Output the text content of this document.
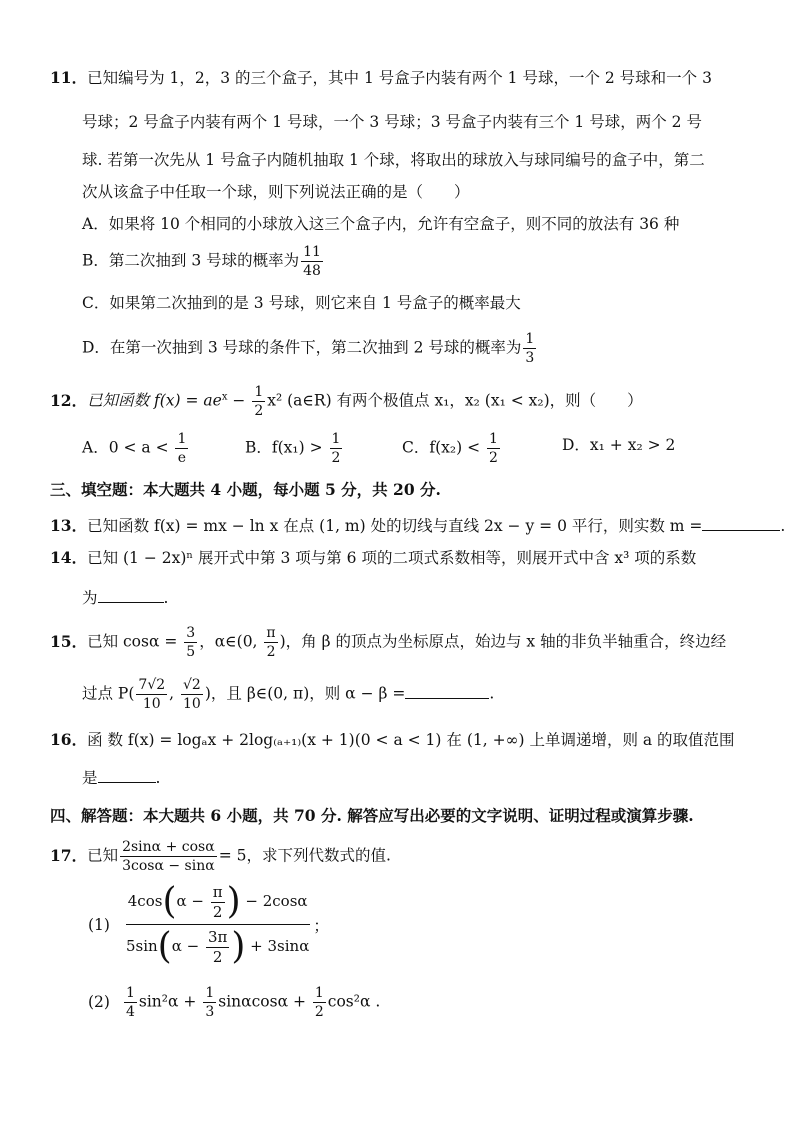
11．已知编号为 1，2，3 的三个盒子，其中 1 号盒子内装有两个 1 号球，一个 2 号球和一个 3
号球；2 号盒子内装有两个 1 号球，一个 3 号球；3 号盒子内装有三个 1 号球，两个 2 号
球. 若第一次先从 1 号盒子内随机抽取 1 个球，将取出的球放入与球同编号的盒子中，第二
次从该盒子中任取一个球，则下列说法正确的是（　　）
A．如果将 10 个相同的小球放入这三个盒子内，允许有空盒子，则不同的放法有 36 种
B．第二次抽到 3 号球的概率为 $\frac{11}{48}$
C．如果第二次抽到的是 3 号球，则它来自 1 号盒子的概率最大
D．在第一次抽到 3 号球的条件下，第二次抽到 2 号球的概率为 $\frac{1}{3}$
12．已知函数 $f(x) = ae^x - \frac{1}{2} x^2$ (a∈R) 有两个极值点 x₁，x₂ (x₁ < x₂)，则（　　）
A．$0 < a < \frac{1}{e}$	B．$f(x_1) > \frac{1}{2}$	C．$f(x_2) < \frac{1}{2}$	D．x₁ + x₂ > 2
三、填空题：本大题共 4 小题，每小题 5 分，共 20 分.
13．已知函数 f(x) = mx − ln x 在点 (1, m) 处的切线与直线 2x − y = 0 平行，则实数 m =	.
14．已知 (1 − 2x)ⁿ 展开式中第 3 项与第 6 项的二项式系数相等，则展开式中含 x³ 项的系数
为	.
15．已知 $\cos\alpha = \frac{3}{5}$ ，α∈(0, $\frac{\pi}{2}$ )，角 β 的顶点为坐标原点，始边与 x 轴的非负半轴重合，终边经
过点 $P( \frac{7√2}{10}$ , $\frac{√2}{10}$ )，且 β∈(0, π)，则 α − β =	.
16．函 数 f(x) = logₐx + 2log₍ₐ₊₁₎(x + 1)(0 < a < 1) 在 (1, +∞) 上单调递增，则 a 的取值范围
是	.
四、解答题：本大题共 6 小题，共 70 分. 解答应写出必要的文字说明、证明过程或演算步骤.
17．已知 $\frac{2\sin\alpha + \cos\alpha}{3\cos\alpha - \sin\alpha} = 5$，求下列代数式的值.
$(1) \frac{4\cos(\alpha - \frac{\pi}{2} ) - 2\cos\alpha}{5\sin(\alpha - \frac{3\pi}{2} ) + 3\sin\alpha}$ ；
$(2) \frac{1}{4} \sin^2\alpha + \frac{1}{3}$ $\sin\alpha\cos\alpha + \frac{1}{2} \cos^2\alpha$ .
